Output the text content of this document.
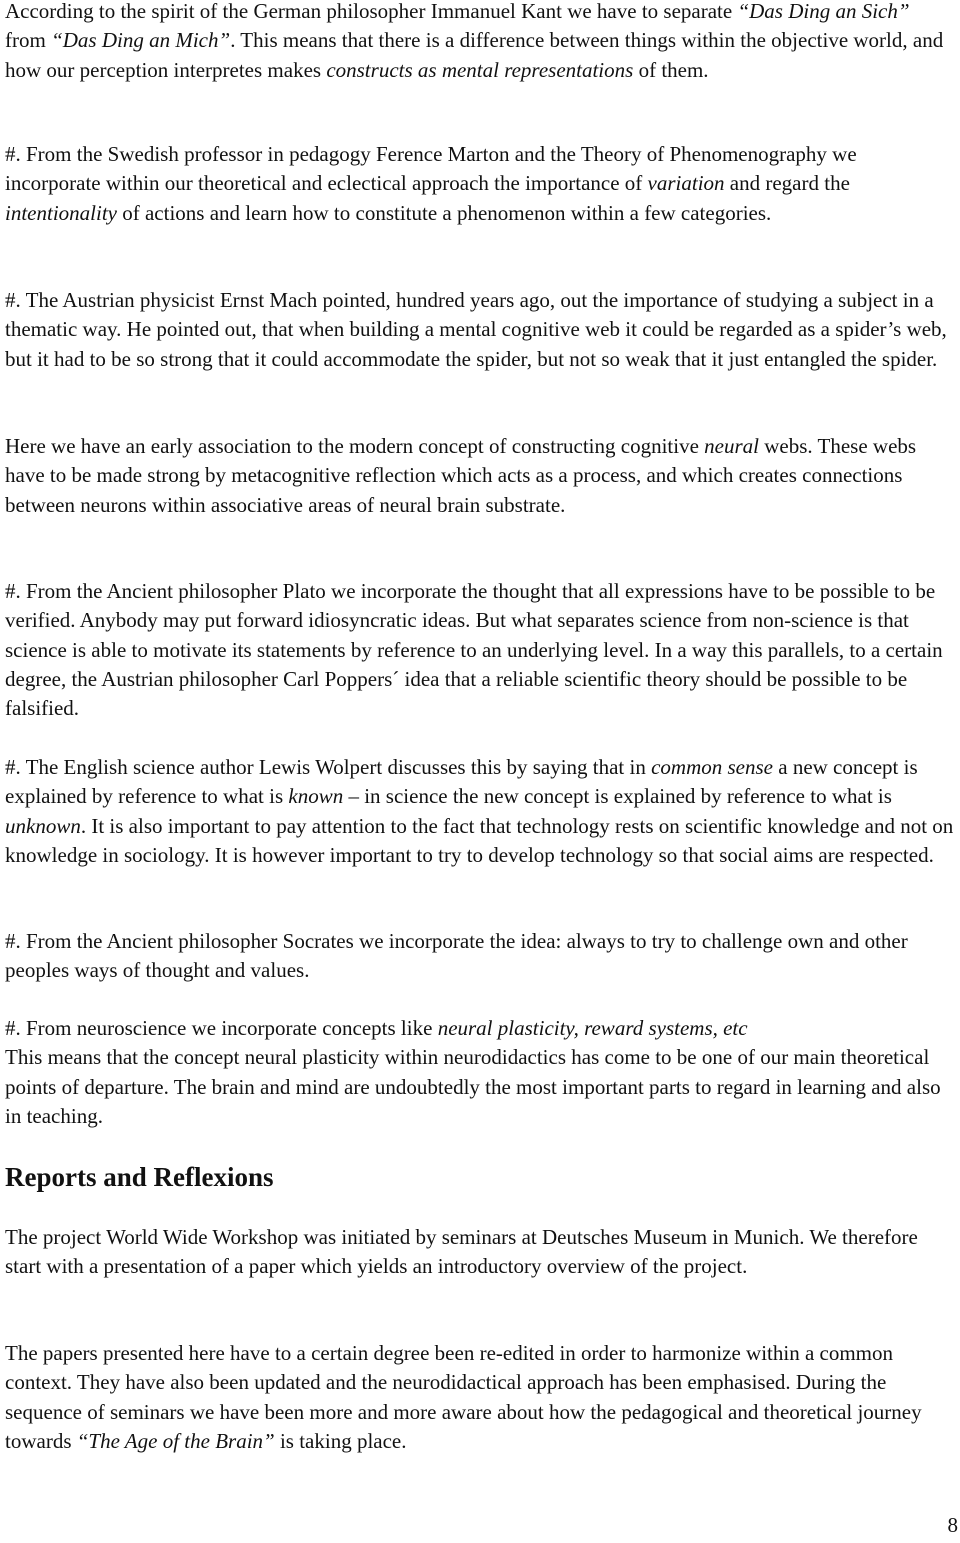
According to the spirit of the German philosopher Immanuel Kant we have to separate “Das Ding an Sich” from “Das Ding an Mich”. This means that there is a difference between things within the objective world, and how our perception interpretes makes constructs as mental representations of them.

#. From the Swedish professor in pedagogy Ference Marton and the Theory of Phenomenography we incorporate within our theoretical and eclectical approach the importance of variation and regard the intentionality of actions and learn how to constitute a phenomenon within a few categories.

#. The Austrian physicist Ernst Mach pointed, hundred years ago, out the importance of studying a subject in a thematic way. He pointed out, that when building a mental cognitive web it could be regarded as a spider’s web, but it had to be so strong that it could accommodate the spider, but not so weak that it just entangled the spider.

Here we have an early association to the modern concept of constructing cognitive neural webs. These webs have to be made strong by metacognitive reflection which acts as a process, and which creates connections between neurons within associative areas of neural brain substrate.

#. From the Ancient philosopher Plato we incorporate the thought that all expressions have to be possible to be verified. Anybody may put forward idiosyncratic ideas. But what separates science from non-science is that science is able to motivate its statements by reference to an underlying level. In a way this parallels, to a certain degree, the Austrian philosopher Carl Poppers´ idea that a reliable scientific theory should be possible to be falsified.

#. The English science author Lewis Wolpert discusses this by saying that in common sense a new concept is explained by reference to what is known – in science the new concept is explained by reference to what is unknown. It is also important to pay attention to the fact that technology rests on scientific knowledge and not on knowledge in sociology. It is however important to try to develop technology so that social aims are respected.

#. From the Ancient philosopher Socrates we incorporate the idea: always to try to challenge own and other peoples ways of thought and values.

#. From neuroscience we incorporate concepts like neural plasticity, reward systems, etc
This means that the concept neural plasticity within neurodidactics has come to be one of our main theoretical points of departure. The brain and mind are undoubtedly the most important parts to regard in learning and also in teaching.

Reports and Reflexions

The project World Wide Workshop was initiated by seminars at Deutsches Museum in Munich. We therefore start with a presentation of a paper which yields an introductory overview of the project.

The papers presented here have to a certain degree been re-edited in order to harmonize within a common context. They have also been updated and the neurodidactical approach has been emphasised. During the sequence of seminars we have been more and more aware about how the pedagogical and theoretical journey towards “The Age of the Brain” is taking place.

8
